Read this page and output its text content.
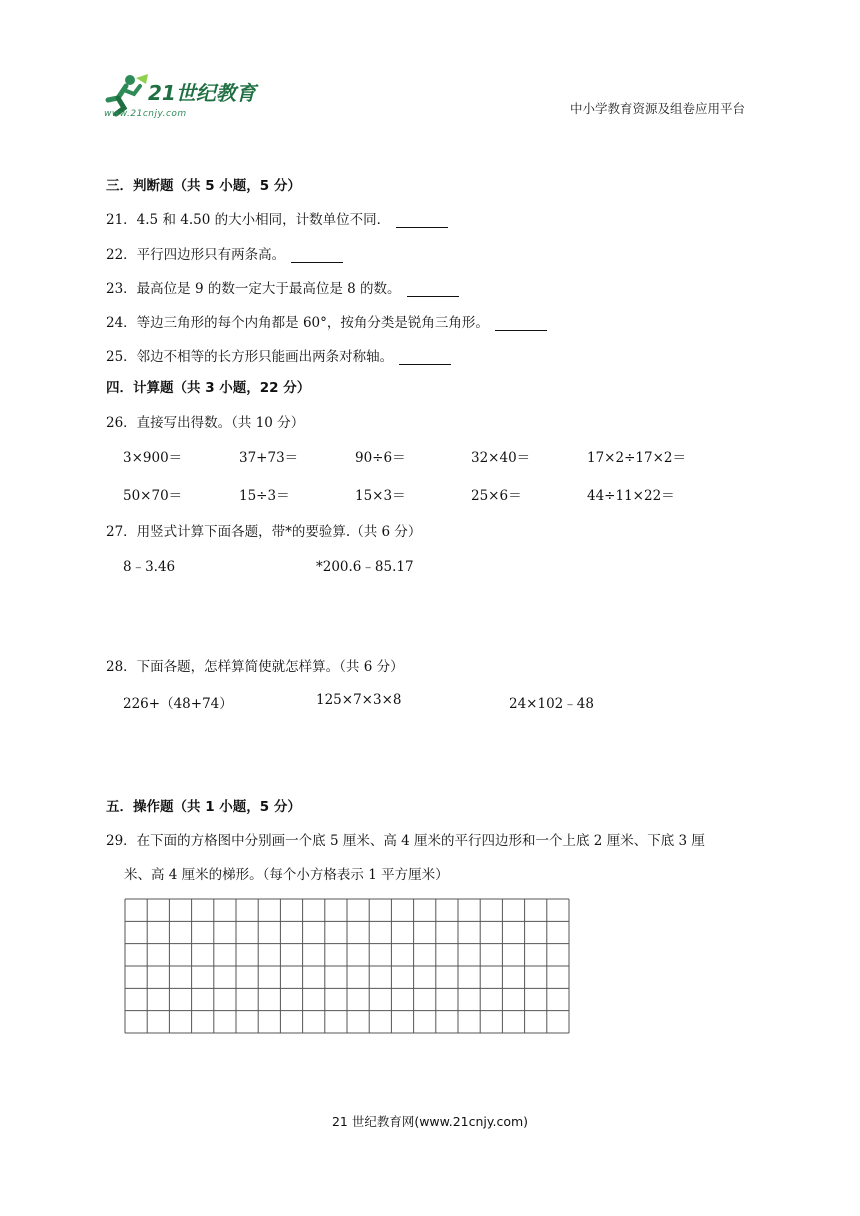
21世纪教育
www.21cnjy.com	中小学教育资源及组卷应用平台
三．判断题（共 5 小题，5 分）
21．4.5 和 4.50 的大小相同，计数单位不同．
22．平行四边形只有两条高。
23．最高位是 9 的数一定大于最高位是 8 的数。
24．等边三角形的每个内角都是 60°，按角分类是锐角三角形。
25．邻边不相等的长方形只能画出两条对称轴。
四．计算题（共 3 小题，22 分）
26．直接写出得数。（共 10 分）
3×900＝	37+73＝	90÷6＝	32×40＝	17×2÷17×2＝
50×70＝	15÷3＝	15×3＝	25×6＝	44÷11×22＝
27．用竖式计算下面各题，带*的要验算.（共 6 分）
8﹣3.46	*200.6﹣85.17
28．下面各题，怎样算简使就怎样算。（共 6 分）
226+（48+74）	125×7×3×8	24×102﹣48
五．操作题（共 1 小题，5 分）
29．在下面的方格图中分别画一个底 5 厘米、高 4 厘米的平行四边形和一个上底 2 厘米、下底 3 厘
米、高 4 厘米的梯形。（每个小方格表示 1 平方厘米）
21 世纪教育网(www.21cnjy.com)
